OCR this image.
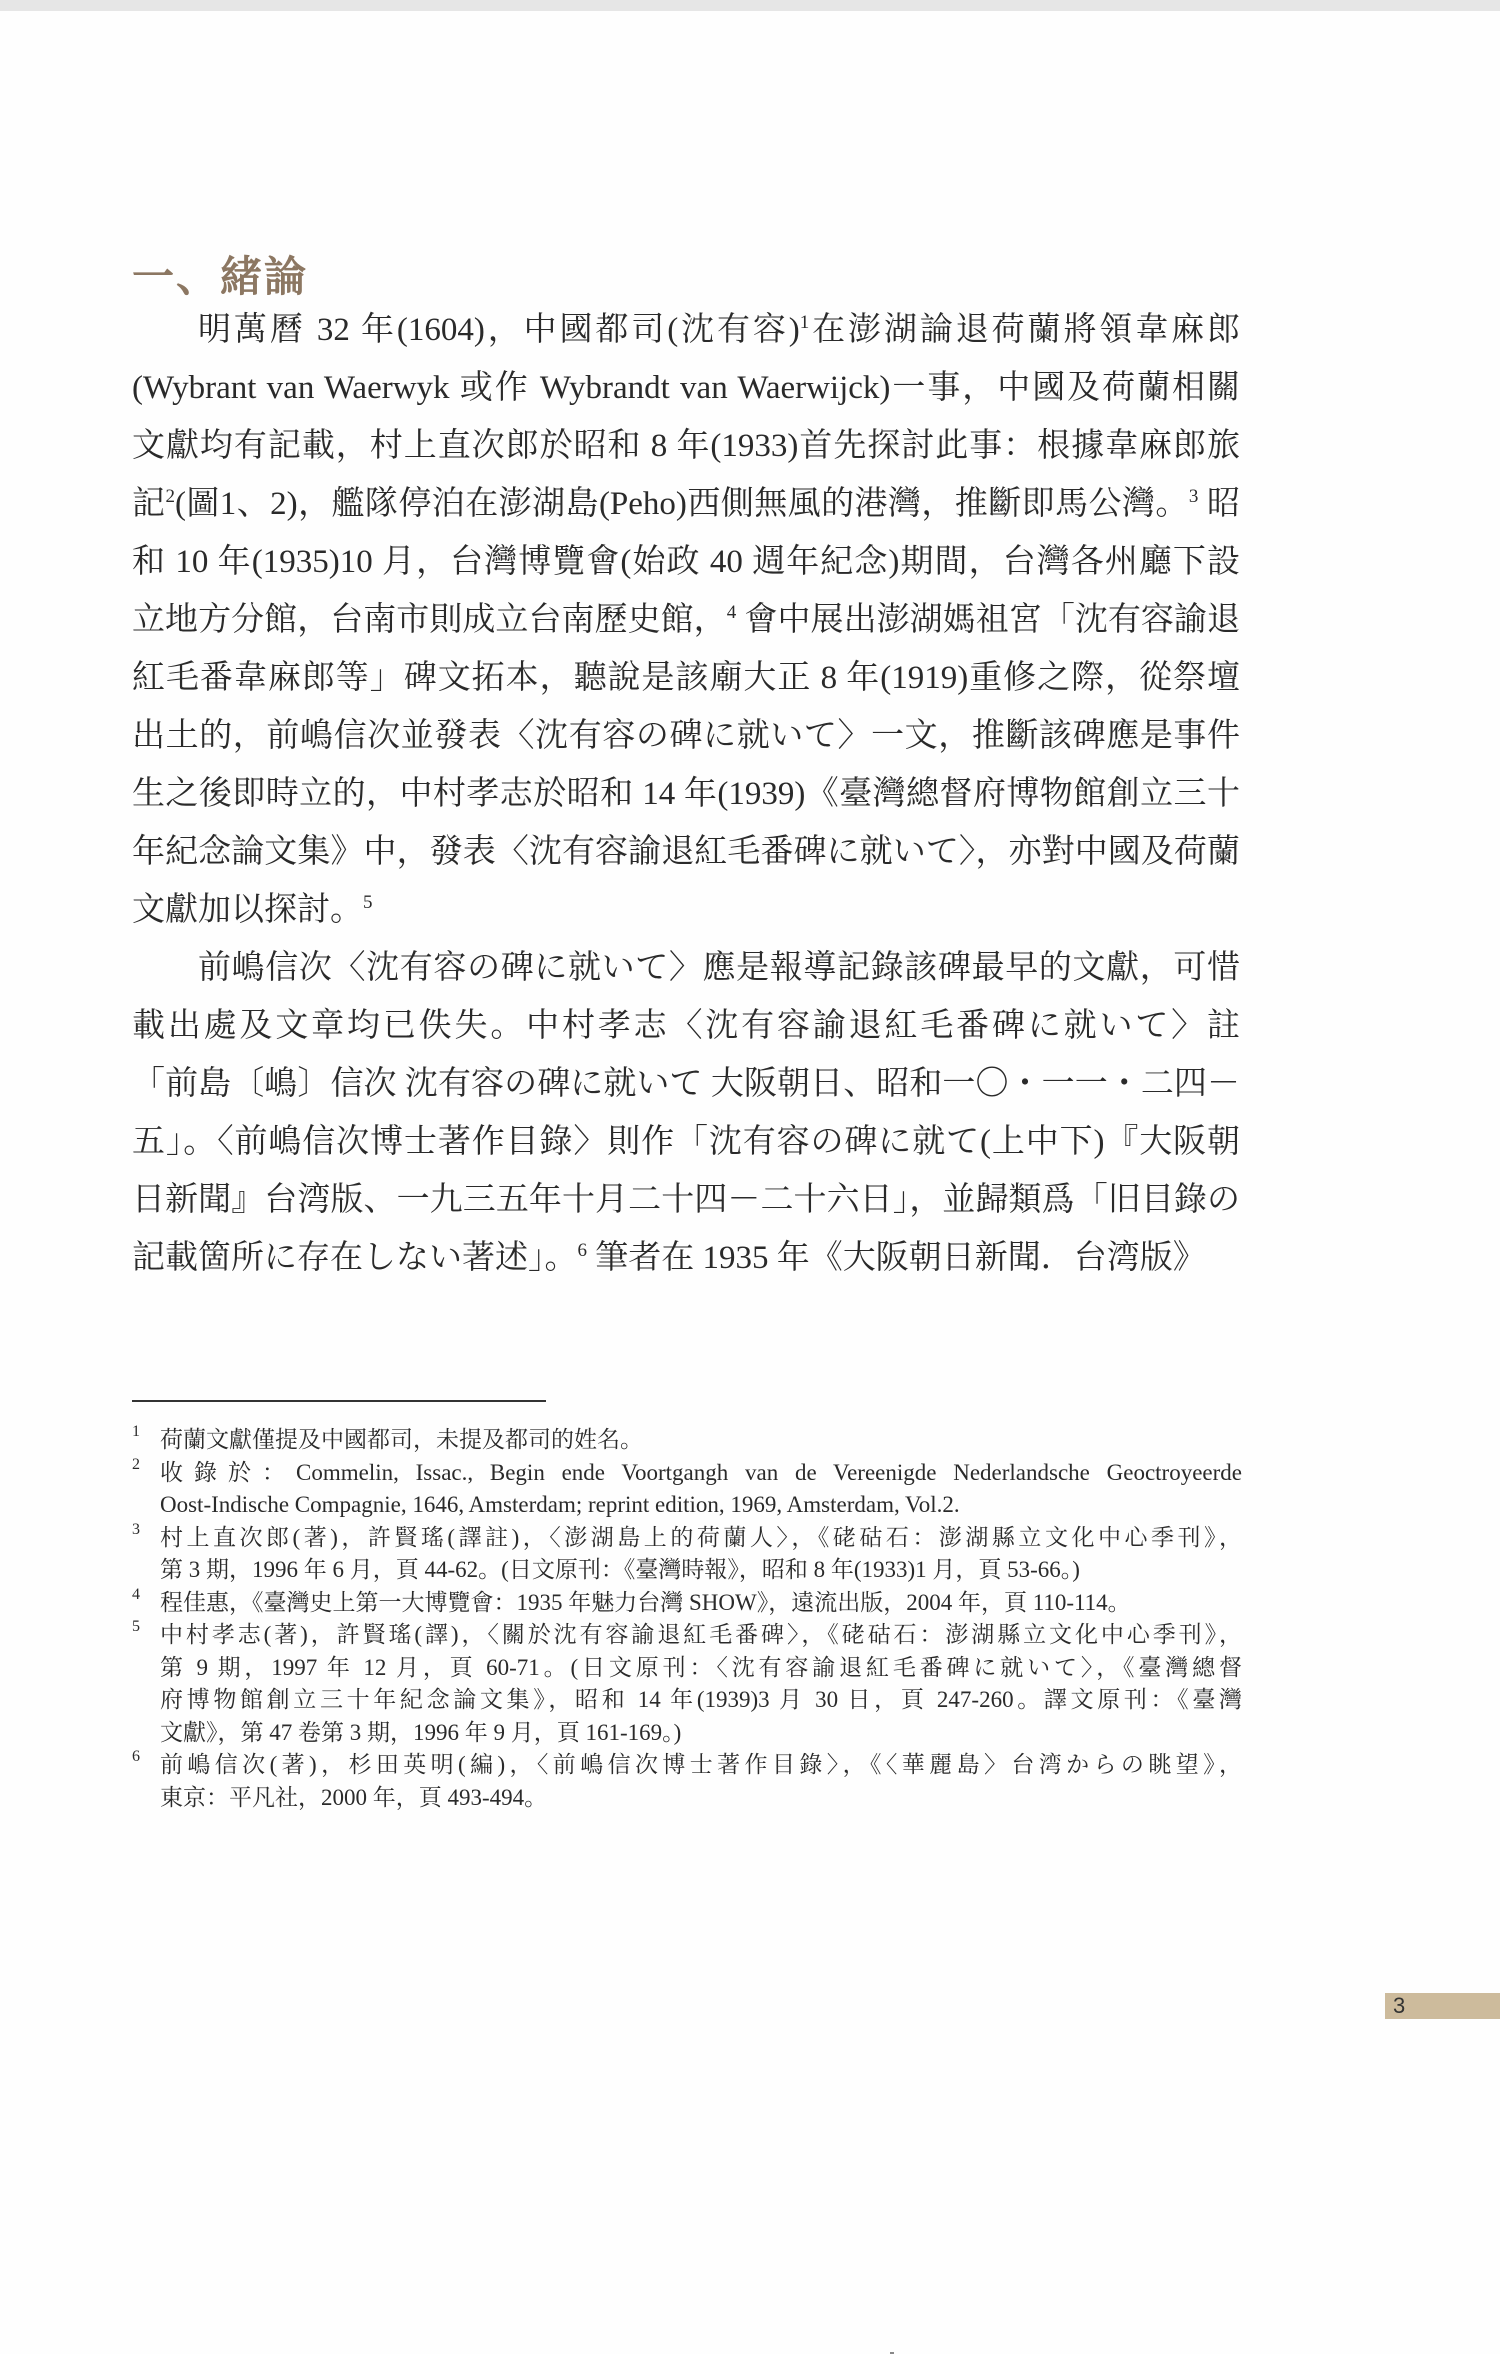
一、緒論
明萬曆 32 年(1604)，中國都司(沈有容)$^1$在澎湖論退荷蘭將領韋麻郎
(Wybrant van Waerwyk 或作 Wybrandt van Waerwijck)一事，中國及荷蘭相關
文獻均有記載，村上直次郎於昭和 8 年(1933)首先探討此事：根據韋麻郎旅
記$^2$(圖1、2)，艦隊停泊在澎湖島(Peho)西側無風的港灣，推斷即馬公灣。$^3$ 昭
和 10 年(1935)10 月，台灣博覽會(始政 40 週年紀念)期間，台灣各州廳下設
立地方分館，台南市則成立台南歷史館，$^4$ 會中展出澎湖媽祖宮「沈有容諭退
紅毛番韋麻郎等」碑文拓本，聽說是該廟大正 8 年(1919)重修之際，從祭壇
出土的，前嶋信次並發表〈沈有容の碑に就いて〉一文，推斷該碑應是事件
生之後即時立的，中村孝志於昭和 14 年(1939)《臺灣總督府博物館創立三十
年紀念論文集》中，發表〈沈有容諭退紅毛番碑に就いて〉，亦對中國及荷蘭
文獻加以探討。$^5$
前嶋信次〈沈有容の碑に就いて〉應是報導記錄該碑最早的文獻，可惜
載出處及文章均已佚失。中村孝志〈沈有容諭退紅毛番碑に就いて〉註
「前島〔嶋〕信次 沈有容の碑に就いて 大阪朝日、昭和一〇・一一・二四－
五」。〈前嶋信次博士著作目錄〉則作「沈有容の碑に就て(上中下)『大阪朝
日新聞』台湾版、一九三五年十月二十四－二十六日」，並歸類爲「旧目錄の
記載箇所に存在しない著述」。$^6$ 筆者在 1935 年《大阪朝日新聞．台湾版》
1 荷蘭文獻僅提及中國都司，未提及都司的姓名。
2 收錄於：Commelin, Issac., Begin ende Voortgangh van de Vereenigde Nederlandsche Geoctroyeerde
Oost-Indische Compagnie, 1646, Amsterdam; reprint edition, 1969, Amsterdam, Vol.2.
3 村上直次郎(著)，許賢瑤(譯註)，〈澎湖島上的荷蘭人〉，《硓𥑮石：澎湖縣立文化中心季刊》，
第 3 期，1996 年 6 月，頁 44-62。(日文原刊：《臺灣時報》，昭和 8 年(1933)1 月，頁 53-66。)
4 程佳惠，《臺灣史上第一大博覽會：1935 年魅力台灣 SHOW》，遠流出版，2004 年，頁 110-114。
5 中村孝志(著)，許賢瑤(譯)，〈關於沈有容諭退紅毛番碑〉，《硓𥑮石：澎湖縣立文化中心季刊》，
第 9 期，1997 年 12 月，頁 60-71。(日文原刊：〈沈有容諭退紅毛番碑に就いて〉，《臺灣總督
府博物館創立三十年紀念論文集》，昭和 14 年(1939)3 月 30 日，頁 247-260。譯文原刊：《臺灣
文獻》，第 47 卷第 3 期，1996 年 9 月，頁 161-169。)
6 前嶋信次(著)，杉田英明(編)，〈前嶋信次博士著作目錄〉，《〈華麗島〉台湾からの眺望》，
東京：平凡社，2000 年，頁 493-494。
3
